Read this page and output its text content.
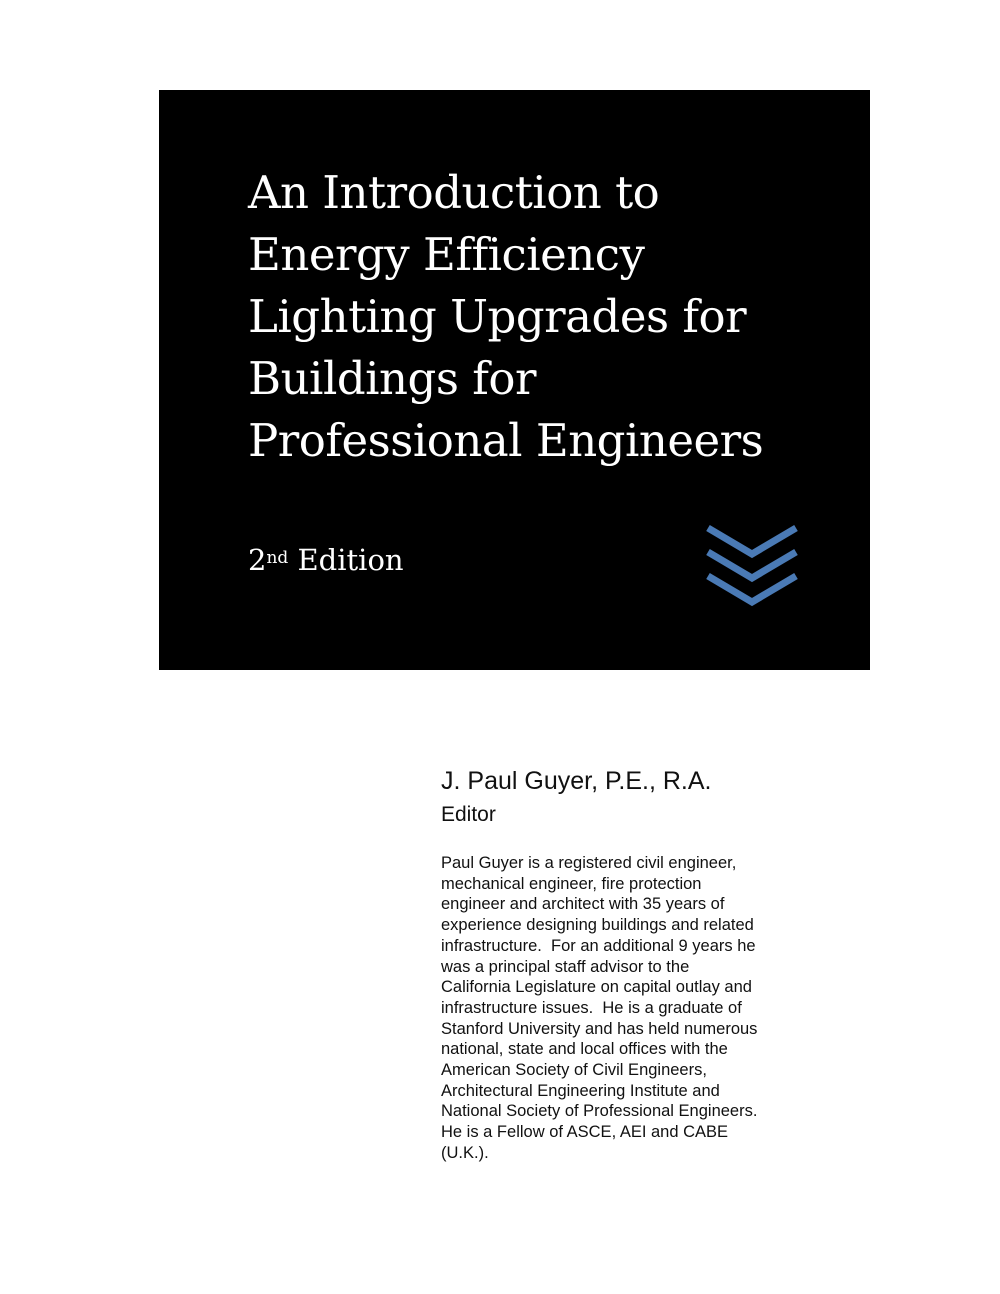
An Introduction to
Energy Efficiency
Lighting Upgrades for
Buildings for
Professional Engineers
2nd Edition
J. Paul Guyer, P.E., R.A.
Editor
Paul Guyer is a registered civil engineer,
mechanical engineer, fire protection
engineer and architect with 35 years of
experience designing buildings and related
infrastructure.  For an additional 9 years he
was a principal staff advisor to the
California Legislature on capital outlay and
infrastructure issues.  He is a graduate of
Stanford University and has held numerous
national, state and local offices with the
American Society of Civil Engineers,
Architectural Engineering Institute and
National Society of Professional Engineers.
He is a Fellow of ASCE, AEI and CABE
(U.K.).
